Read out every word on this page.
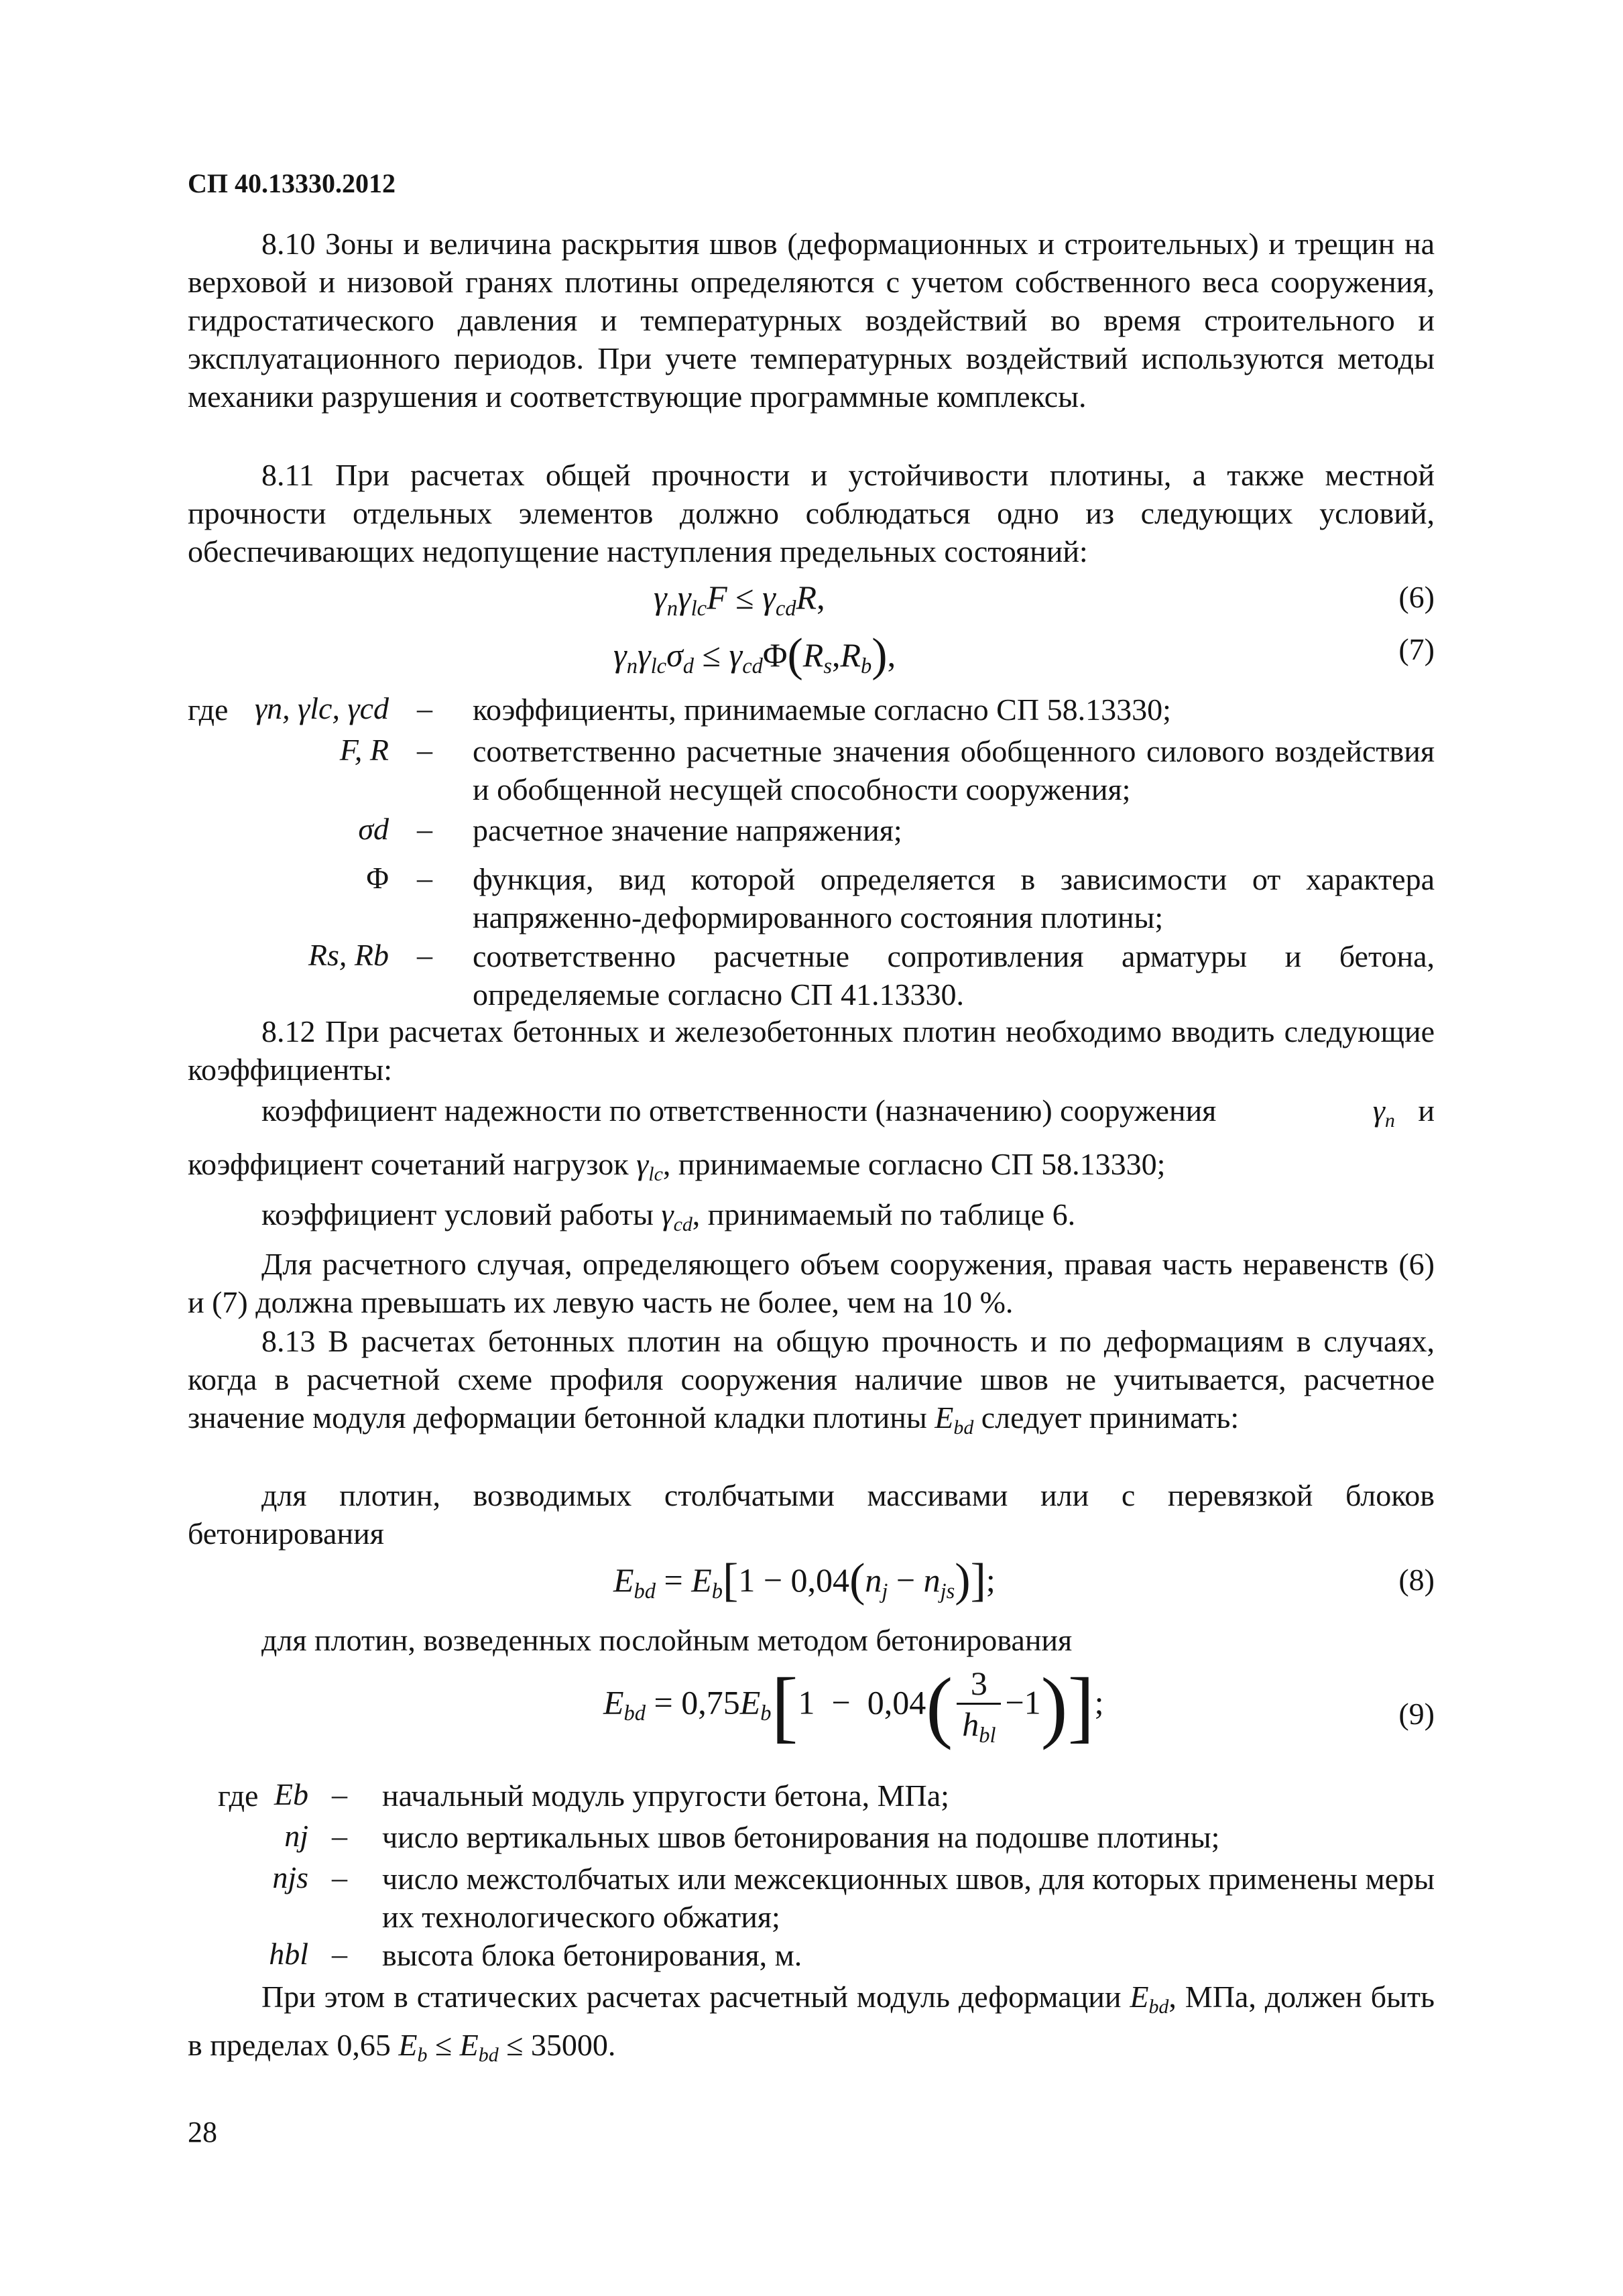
СП 40.13330.2012

8.10 Зоны и величина раскрытия швов (деформационных и строительных) и трещин на верховой и низовой гранях плотины определяются с учетом собственного веса сооружения, гидростатического давления и температурных воздействий во время строительного и эксплуатационного периодов. При учете температурных воздействий используются методы механики разрушения и соответствующие программные комплексы.

8.11 При расчетах общей прочности и устойчивости плотины, а также местной прочности отдельных элементов должно соблюдаться одно из следующих условий, обеспечивающих недопущение наступления предельных состояний:

$\gamma_n\gamma_{lc}F \le \gamma_{cd}R$,	(6)
$\gamma_n\gamma_{lc}\sigma_d \le \gamma_{cd}\Phi(R_s,R_b)$,	(7)
где γn, γlc, γcd – коэффициенты, принимаемые согласно СП 58.13330;
F, R – соответственно расчетные значения обобщенного силового воздействия и обобщенной несущей способности сооружения;
σd – расчетное значение напряжения;
Φ – функция, вид которой определяется в зависимости от характера напряженно-деформированного состояния плотины;
Rs, Rb – соответственно расчетные сопротивления арматуры и бетона, определяемые согласно СП 41.13330.

8.12 При расчетах бетонных и железобетонных плотин необходимо вводить следующие коэффициенты:

коэффициент надежности по ответственности (назначению) сооружения	$\gamma_n$ и
коэффициент сочетаний нагрузок $\gamma_{lc}$, принимаемые согласно СП 58.13330;
коэффициент условий работы $\gamma_{cd}$, принимаемый по таблице 6.

Для расчетного случая, определяющего объем сооружения, правая часть неравенств (6) и (7) должна превышать их левую часть не более, чем на 10 %.

8.13 В расчетах бетонных плотин на общую прочность и по деформациям в случаях, когда в расчетной схеме профиля сооружения наличие швов не учитывается, расчетное значение модуля деформации бетонной кладки плотины $E_{bd}$ следует принимать:

для плотин, возводимых столбчатыми массивами или с перевязкой блоков бетонирования

$E_{bd} = E_b[1 - 0,04(n_j - n_{js})]$;	(8)
для плотин, возведенных послойным методом бетонирования
$E_{bd} = 0,75E_b[1 - 0,04( \frac{3}{h_{bl}} -1)]$;	(9)
где Eb – начальный модуль упругости бетона, МПа;
nj – число вертикальных швов бетонирования на подошве плотины;
njs – число межстолбчатых или межсекционных швов, для которых применены меры их технологического обжатия;
hbl – высота блока бетонирования, м.

При этом в статических расчетах расчетный модуль деформации $E_{bd}$, МПа, должен быть в пределах 0,65 $E_b \le E_{bd} \le 35000$.

28
